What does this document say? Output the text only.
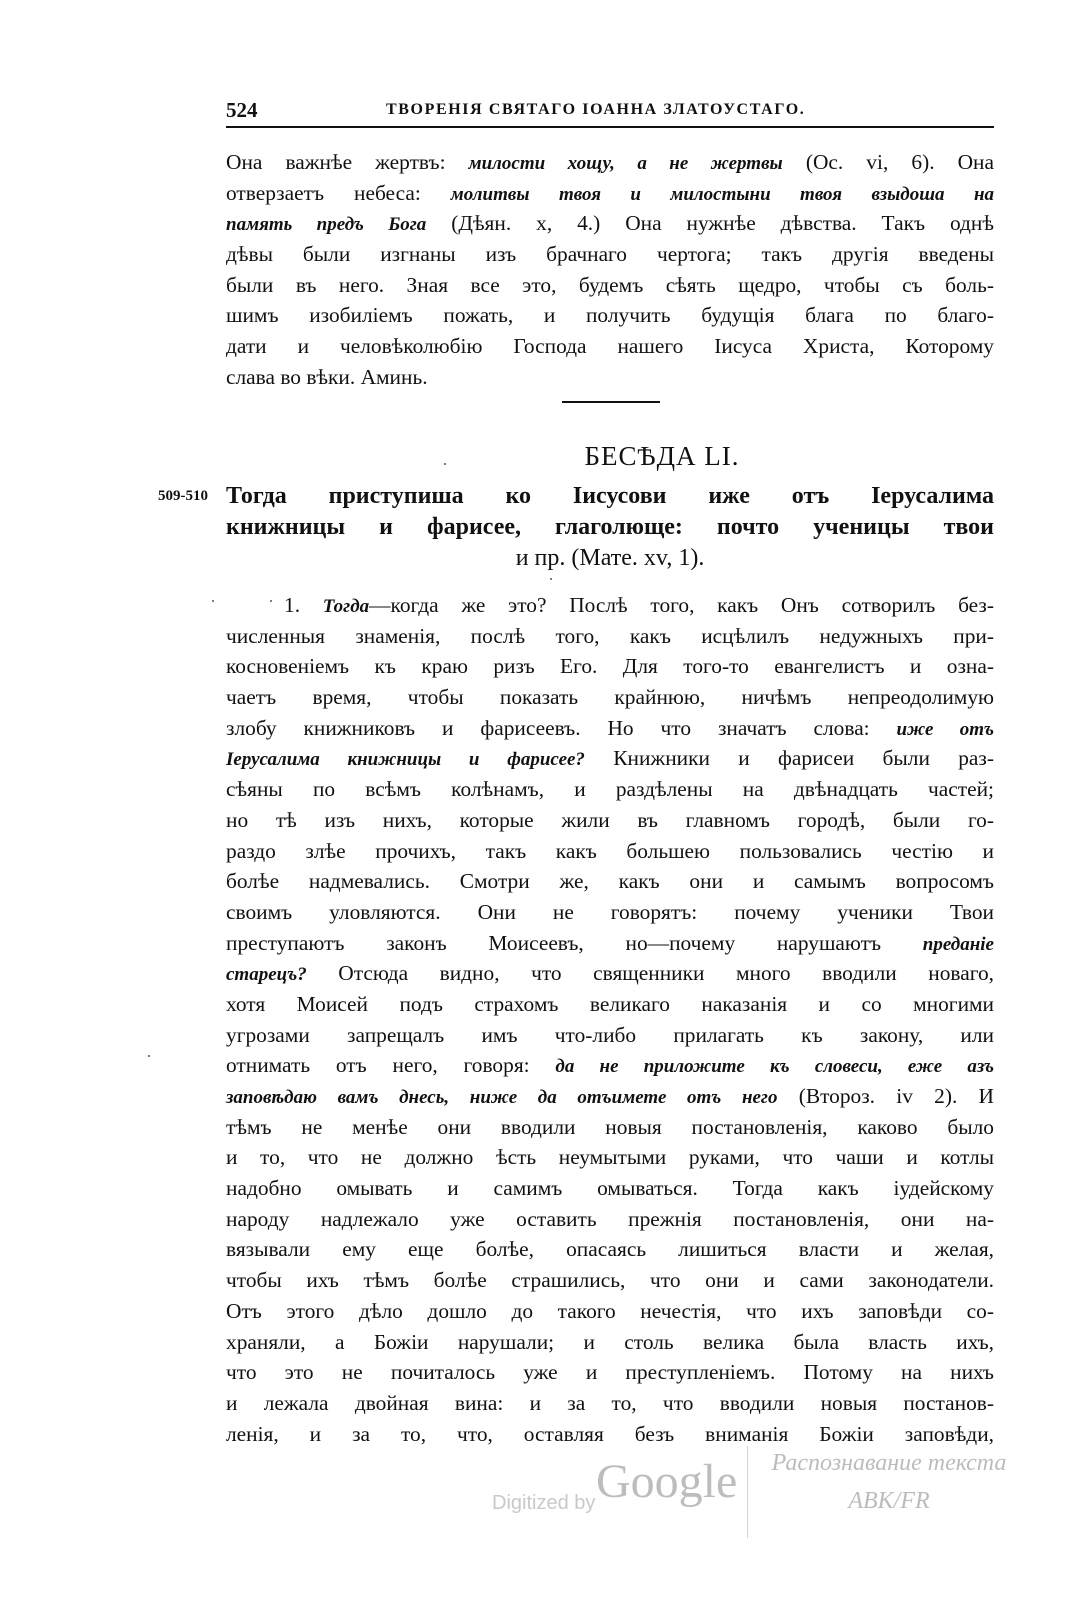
524	ТВОРЕНІЯ СВЯТАГО ІОАННА ЗЛАТОУСТАГО.
Она важнѣе жертвъ: милости хощу, а не жертвы (Ос. vi, 6). Она
отверзаетъ небеса: молитвы твоя и милостыни твоя взыдоша на
память предъ Бога (Дѣян. x, 4.) Она нужнѣе дѣвства. Такъ однѣ
дѣвы были изгнаны изъ брачнаго чертога; такъ другія введены
были въ него. Зная все это, будемъ сѣять щедро, чтобы съ боль-
шимъ изобиліемъ пожать, и получить будущія блага по благо-
дати и человѣколюбію Господа нашего Іисуса Христа, Которому
слава во вѣки. Аминь.
БЕСѢДА LI.
509-510 Тогда приступиша ко Іисусови иже отъ Іерусалима
книжницы и фарисее, глаголюще: почто ученицы твои
и пр. (Мате. xv, 1).
1. Тогда—когда же это? Послѣ того, какъ Онъ сотворилъ без-
численныя знаменія, послѣ того, какъ исцѣлилъ недужныхъ при-
косновеніемъ къ краю ризъ Его. Для того-то евангелистъ и озна-
чаетъ время, чтобы показать крайнюю, ничѣмъ непреодолимую
злобу книжниковъ и фарисеевъ. Но что значатъ слова: иже отъ
Іерусалима книжницы и фарисее? Книжники и фарисеи были раз-
сѣяны по всѣмъ колѣнамъ, и раздѣлены на двѣнадцать частей;
но тѣ изъ нихъ, которые жили въ главномъ городѣ, были го-
раздо злѣе прочихъ, такъ какъ большею пользовались честію и
болѣе надмевались. Смотри же, какъ они и самымъ вопросомъ
своимъ уловляются. Они не говорятъ: почему ученики Твои
преступаютъ законъ Моисеевъ, но—почему нарушаютъ преданіе
старецъ? Отсюда видно, что священники много вводили новаго,
хотя Моисей подъ страхомъ великаго наказанія и со многими
угрозами запрещалъ имъ что-либо прилагать къ закону, или
отнимать отъ него, говоря: да не приложите къ словеси, еже азъ
заповѣдаю вамъ днесь, ниже да отъимете отъ него (Второз. iv 2). И
тѣмъ не менѣе они вводили новыя постановленія, каково было
и то, что не должно ѣсть неумытыми руками, что чаши и котлы
надобно омывать и самимъ омываться. Тогда какъ іудейскому
народу надлежало уже оставить прежнія постановленія, они на-
вязывали ему еще болѣе, опасаясь лишиться власти и желая,
чтобы ихъ тѣмъ болѣе страшились, что они и сами законодатели.
Отъ этого дѣло дошло до такого нечестія, что ихъ заповѣди со-
храняли, а Божіи нарушали; и столь велика была власть ихъ,
что это не почиталось уже и преступленіемъ. Потому на нихъ
и лежала двойная вина: и за то, что вводили новыя постанов-
ленія, и за то, что, оставляя безъ вниманія Божіи заповѣди,
Digitized by Google	Распознавание текста
ABK/FR
